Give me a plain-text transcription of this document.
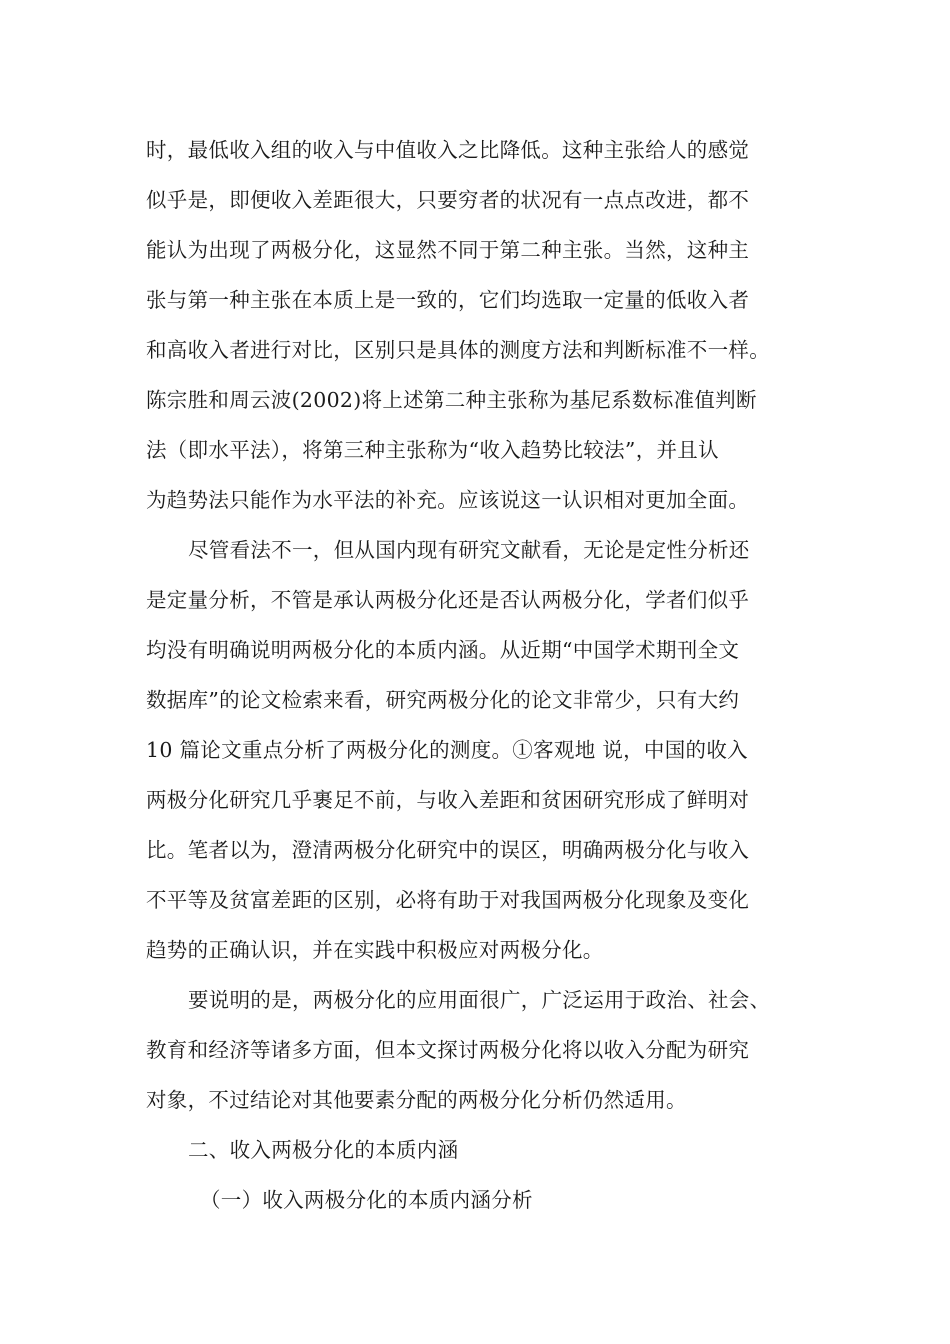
时，最低收入组的收入与中值收入之比降低。这种主张给人的感觉
似乎是，即便收入差距很大，只要穷者的状况有一点点改进，都不
能认为出现了两极分化，这显然不同于第二种主张。当然，这种主
张与第一种主张在本质上是一致的，它们均选取一定量的低收入者
和高收入者进行对比，区别只是具体的测度方法和判断标准不一样。
陈宗胜和周云波(2002)将上述第二种主张称为基尼系数标准值判断
法（即水平法），将第三种主张称为“收入趋势比较法”，并且认
为趋势法只能作为水平法的补充。应该说这一认识相对更加全面。
尽管看法不一，但从国内现有研究文献看，无论是定性分析还
是定量分析，不管是承认两极分化还是否认两极分化，学者们似乎
均没有明确说明两极分化的本质内涵。从近期“中国学术期刊全文
数据库”的论文检索来看，研究两极分化的论文非常少，只有大约
10 篇论文重点分析了两极分化的测度。①客观地 说，中国的收入
两极分化研究几乎裹足不前，与收入差距和贫困研究形成了鲜明对
比。笔者以为，澄清两极分化研究中的误区，明确两极分化与收入
不平等及贫富差距的区别，必将有助于对我国两极分化现象及变化
趋势的正确认识，并在实践中积极应对两极分化。
要说明的是，两极分化的应用面很广，广泛运用于政治、社会、
教育和经济等诸多方面，但本文探讨两极分化将以收入分配为研究
对象，不过结论对其他要素分配的两极分化分析仍然适用。
二、收入两极分化的本质内涵
（一）收入两极分化的本质内涵分析
